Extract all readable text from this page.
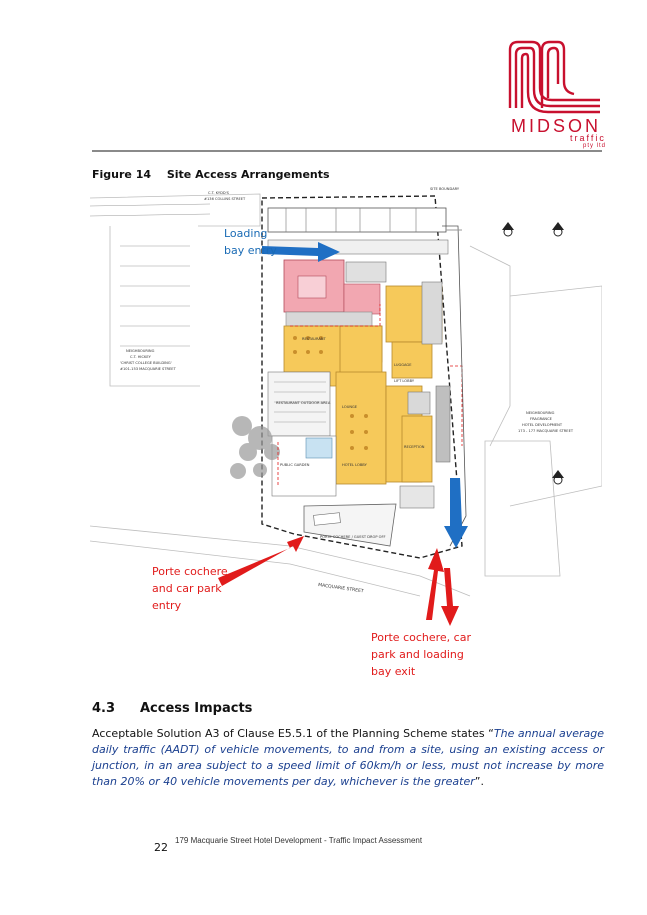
MIDSON
traffic
pty ltd
Figure 14 Site Access Arrangements
C.T. KYDD'S
#136 COLLINS STREET
NEIGHBOURING
C.T. HICKEY
'CHRIST COLLEGE BUILDING'
#101-153 MACQUARIE STREET
NEIGHBOURING
FRAGRANCE
HOTEL DEVELOPMENT
173 - 177 MACQUARIE STREET
RESTAURANT
LOUNGE
HOTEL LOBBY
RECEPTION
PUBLIC GARDEN
RESTAURANT OUTDOOR AREA
PORTE COCHERE / GUEST DROP OFF
LIFT LOBBY
LUGGAGE
SITE BOUNDARY
MACQUARIE STREET
Loading bay entry
Porte cochere
and car park
entry
Porte cochere, car
park and loading
bay exit
4.3 Access Impacts
Acceptable Solution A3 of Clause E5.5.1 of the Planning Scheme states “The annual average daily traffic (AADT) of vehicle movements, to and from a site, using an existing access or junction, in an area subject to a speed limit of 60km/h or less, must not increase by more than 20% or 40 vehicle movements per day, whichever is the greater”.
22
179 Macquarie Street Hotel Development - Traffic Impact Assessment
